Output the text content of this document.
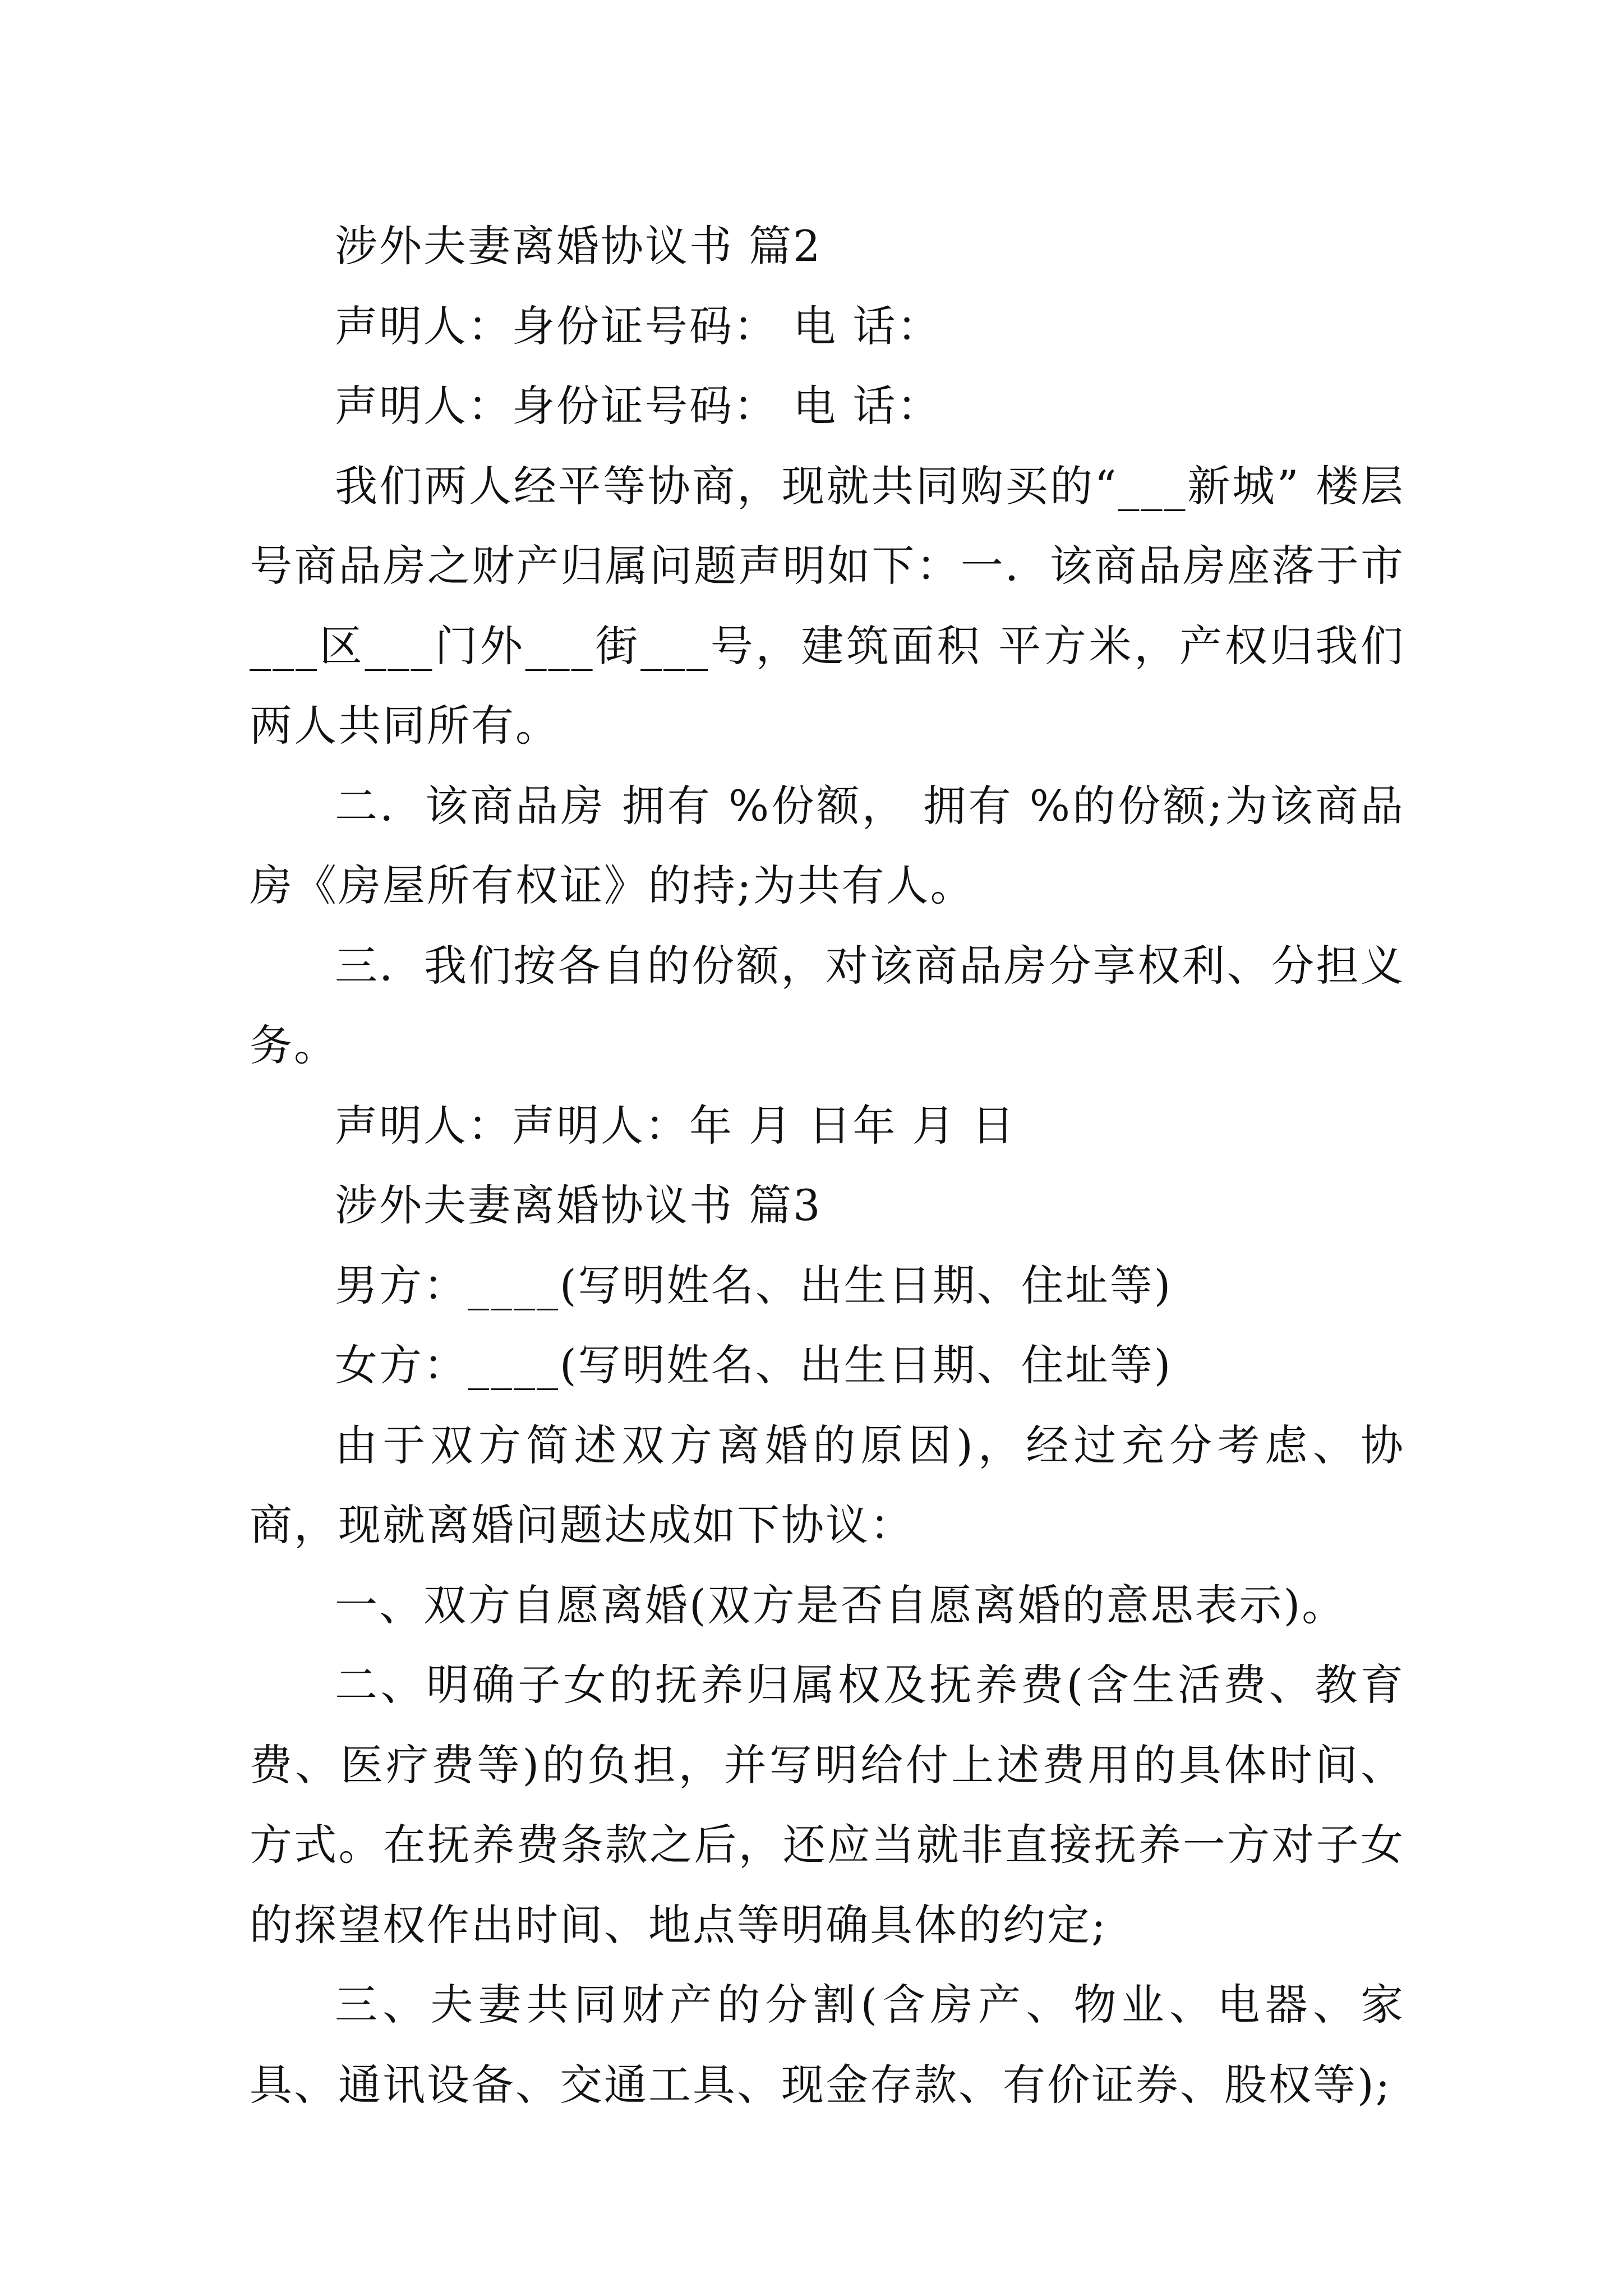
涉外夫妻离婚协议书 篇2

声明人：身份证号码： 电 话：

声明人：身份证号码： 电 话：

我们两人经平等协商，现就共同购买的“___新城” 楼层 号商品房之财产归属问题声明如下：一．该商品房座落于市___区___门外___街___号，建筑面积 平方米，产权归我们两人共同所有。

二．该商品房 拥有 %份额， 拥有 %的份额;为该商品房《房屋所有权证》的持;为共有人。

三．我们按各自的份额，对该商品房分享权利、分担义务。

声明人：声明人：年 月 日年 月 日

涉外夫妻离婚协议书 篇3

男方：____(写明姓名、出生日期、住址等)

女方：____(写明姓名、出生日期、住址等)

由于双方简述双方离婚的原因)，经过充分考虑、协商，现就离婚问题达成如下协议：

一、双方自愿离婚(双方是否自愿离婚的意思表示)。

二、明确子女的抚养归属权及抚养费(含生活费、教育费、医疗费等)的负担，并写明给付上述费用的具体时间、方式。在抚养费条款之后，还应当就非直接抚养一方对子女的探望权作出时间、地点等明确具体的约定;

三、夫妻共同财产的分割(含房产、物业、电器、家具、通讯设备、交通工具、现金存款、有价证券、股权等);
